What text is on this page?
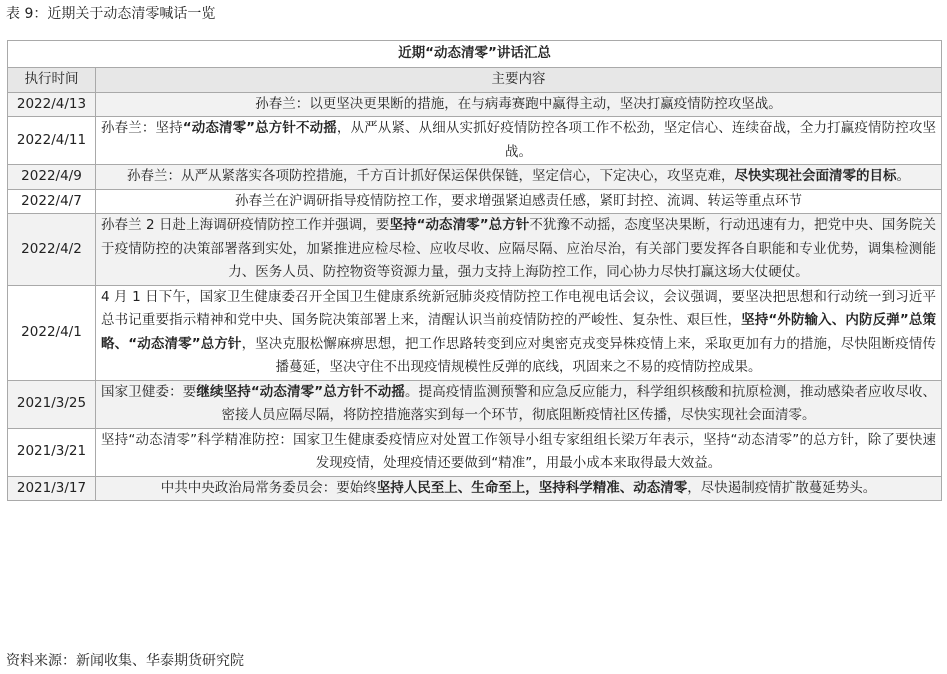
表 9：近期关于动态清零喊话一览
近期“动态清零”讲话汇总	
执行时间	主要内容
2022/4/13	孙春兰：以更坚决更果断的措施，在与病毒赛跑中赢得主动，坚决打赢疫情防控攻坚战。
2022/4/11	孙春兰：坚持“动态清零”总方针不动摇，从严从紧、从细从实抓好疫情防控各项工作不松劲，坚定信心、连续奋战，全力打赢疫情防控攻坚战。
2022/4/9	孙春兰：从严从紧落实各项防控措施，千方百计抓好保运保供保链，坚定信心，下定决心，攻坚克难，尽快实现社会面清零的目标。
2022/4/7	孙春兰在沪调研指导疫情防控工作，要求增强紧迫感责任感，紧盯封控、流调、转运等重点环节
2022/4/2	孙春兰 2 日赴上海调研疫情防控工作并强调，要坚持“动态清零”总方针不犹豫不动摇，态度坚决果断，行动迅速有力，把党中央、国务院关于疫情防控的决策部署落到实处，加紧推进应检尽检、应收尽收、应隔尽隔、应治尽治，有关部门要发挥各自职能和专业优势，调集检测能力、医务人员、防控物资等资源力量，强力支持上海防控工作，同心协力尽快打赢这场大仗硬仗。
2022/4/1	4 月 1 日下午，国家卫生健康委召开全国卫生健康系统新冠肺炎疫情防控工作电视电话会议，会议强调，要坚决把思想和行动统一到习近平总书记重要指示精神和党中央、国务院决策部署上来，清醒认识当前疫情防控的严峻性、复杂性、艰巨性，坚持“外防输入、内防反弹”总策略、“动态清零”总方针，坚决克服松懈麻痹思想，把工作思路转变到应对奥密克戎变异株疫情上来，采取更加有力的措施，尽快阻断疫情传播蔓延，坚决守住不出现疫情规模性反弹的底线，巩固来之不易的疫情防控成果。
2021/3/25	国家卫健委：要继续坚持“动态清零”总方针不动摇。提高疫情监测预警和应急反应能力，科学组织核酸和抗原检测，推动感染者应收尽收、密接人员应隔尽隔，将防控措施落实到每一个环节，彻底阻断疫情社区传播，尽快实现社会面清零。
2021/3/21	坚持“动态清零”科学精准防控：国家卫生健康委疫情应对处置工作领导小组专家组组长梁万年表示，坚持“动态清零”的总方针，除了要快速发现疫情，处理疫情还要做到“精准”，用最小成本来取得最大效益。
2021/3/17	中共中央政治局常务委员会：要始终坚持人民至上、生命至上，坚持科学精准、动态清零，尽快遏制疫情扩散蔓延势头。
资料来源：新闻收集、华泰期货研究院
